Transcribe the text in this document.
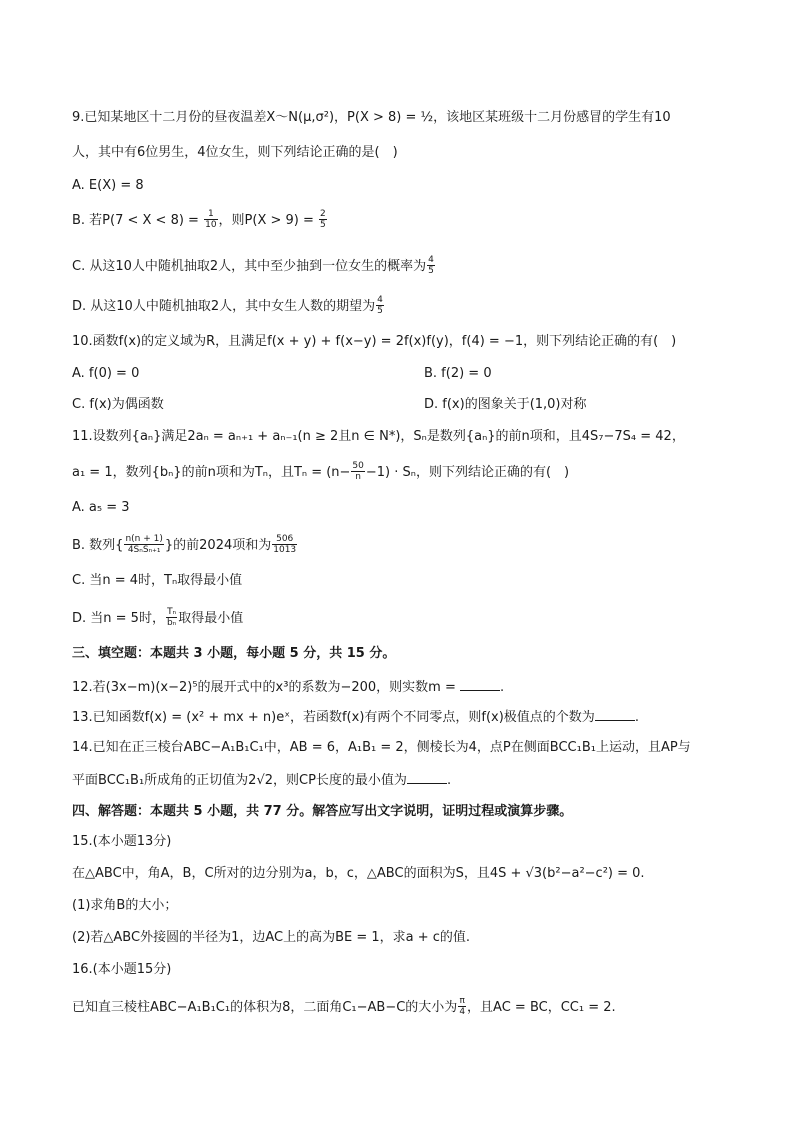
9.已知某地区十二月份的昼夜温差X～N(μ,σ²)，P(X > 8) = ½，该地区某班级十二月份感冒的学生有10
人，其中有6位男生，4位女生，则下列结论正确的是(　)
A. E(X) = 8
B. 若$P(7 < X < 8) = \frac{1}{10}$ ，则$P(X > 9) = \frac{2}{5}$
C. 从这10人中随机抽取2人，其中至少抽到一位女生的概率为 $\frac{4}{5}$
D. 从这10人中随机抽取2人，其中女生人数的期望为 $\frac{4}{5}$
10.函数f(x)的定义域为R，且满足f(x + y) + f(x−y) = 2f(x)f(y)，f(4) = −1，则下列结论正确的有(　)
A. f(0) = 0	B. f(2) = 0
C. f(x)为偶函数	D. f(x)的图象关于(1,0)对称
11.设数列{aₙ}满足2aₙ = aₙ₊₁ + aₙ₋₁(n ≥ 2且n ∈ N*)，Sₙ是数列{aₙ}的前n项和，且4S₇−7S₄ = 42，
a₁ = 1，数列{bₙ}的前n项和为Tₙ，且$T_n = (n- \frac{50}{n} -1) \cdot S_n$，则下列结论正确的有(　)
A. a₅ = 3
B. 数列{ $\frac{n(n + 1)}{\text{4SₙSₙ₊₁}}$ }的前2024项和为 $\frac{506}{1013}$
C. 当n = 4时，Tₙ取得最小值
D. 当n = 5时， $\frac{\text{Tₙ}}{\text{bₙ}}$ 取得最小值
三、填空题：本题共 3 小题，每小题 5 分，共 15 分。
12.若(3x−m)(x−2)⁵的展开式中的x³的系数为−200，则实数m =	.
13.已知函数f(x) = (x² + mx + n)eˣ，若函数f(x)有两个不同零点，则f(x)极值点的个数为	.
14.已知在正三棱台ABC−A₁B₁C₁中，AB = 6，A₁B₁ = 2，侧棱长为4，点P在侧面BCC₁B₁上运动，且AP与
平面BCC₁B₁所成角的正切值为2√2，则CP长度的最小值为	.
四、解答题：本题共 5 小题，共 77 分。解答应写出文字说明，证明过程或演算步骤。
15.(本小题13分)
在△ABC中，角A，B，C所对的边分别为a，b，c，△ABC的面积为S，且4S + √3(b²−a²−c²) = 0.
(1)求角B的大小；
(2)若△ABC外接圆的半径为1，边AC上的高为BE = 1，求a + c的值.
16.(本小题15分)
已知直三棱柱ABC−A₁B₁C₁的体积为8，二面角C₁−AB−C的大小为 $\frac{\pi}{4}$ ，且AC = BC，CC₁ = 2.
